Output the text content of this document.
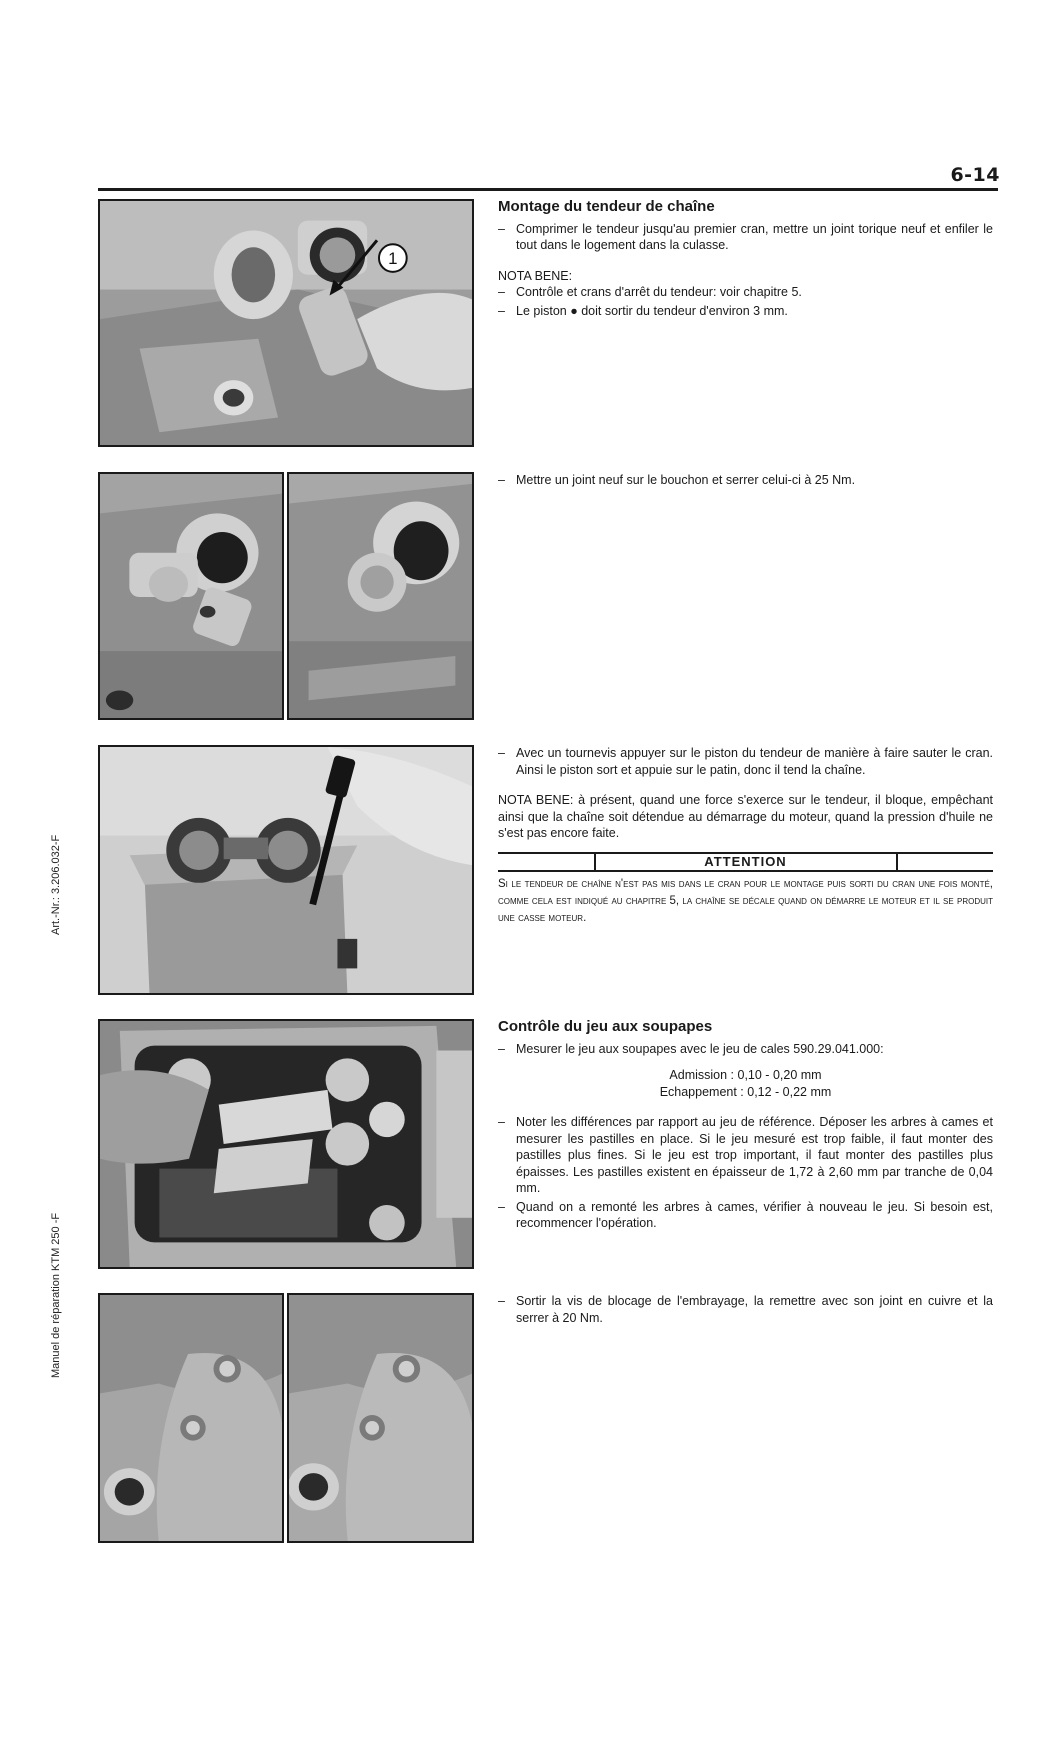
6-14
Art.-Nr.: 3.206.032-F
Manuel de réparation KTM 250 -F
1

Montage du tendeur de chaîne

– Comprimer le tendeur jusqu'au premier cran, mettre un joint torique neuf et enfiler le tout dans le logement dans la culasse.

NOTA BENE:

– Contrôle et crans d'arrêt du tendeur: voir chapitre 5.
– Le piston ● doit sortir du tendeur d'environ 3 mm.
– Mettre un joint neuf sur le bouchon et serrer celui-ci à 25 Nm.
– Avec un tournevis appuyer sur le piston du tendeur de manière à faire sauter le cran. Ainsi le piston sort et appuie sur le patin, donc il tend la chaîne.

NOTA BENE: à présent, quand une force s'exerce sur le tendeur, il bloque, empêchant ainsi que la chaîne soit détendue au démarrage du moteur, quand la pression d'huile ne s'est pas encore faite.

ATTENTION

Si le tendeur de chaîne n'est pas mis dans le cran pour le montage puis sorti du cran une fois monté, comme cela est indiqué au chapitre 5, la chaîne se décale quand on démarre le moteur et il se produit une casse moteur.

Contrôle du jeu aux soupapes

– Mesurer le jeu aux soupapes avec le jeu de cales 590.29.041.000:

Admission : 0,10 - 0,20 mm

Echappement : 0,12 - 0,22 mm

– Noter les différences par rapport au jeu de référence. Déposer les arbres à cames et mesurer les pastilles en place. Si le jeu mesuré est trop faible, il faut monter des pastilles plus fines. Si le jeu est trop important, il faut monter des pastilles plus épaisses. Les pastilles existent en épaisseur de 1,72 à 2,60 mm par tranche de 0,04 mm.
– Quand on a remonté les arbres à cames, vérifier à nouveau le jeu. Si besoin est, recommencer l'opération.
– Sortir la vis de blocage de l'embrayage, la remettre avec son joint en cuivre et la serrer à 20 Nm.
